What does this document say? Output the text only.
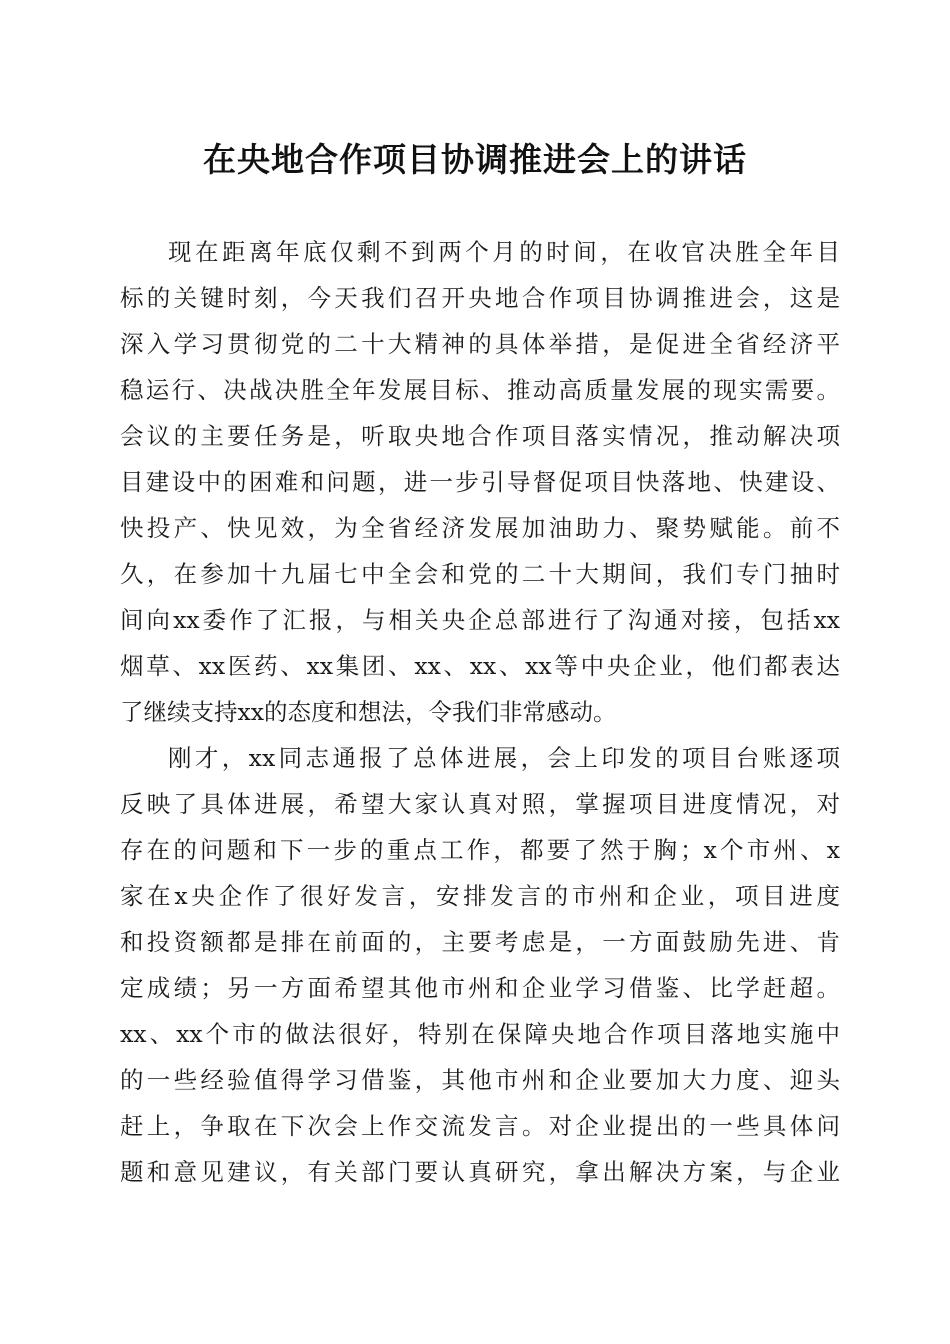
在央地合作项目协调推进会上的讲话
现在距离年底仅剩不到两个月的时间，在收官决胜全年目
标的关键时刻，今天我们召开央地合作项目协调推进会，这是
深入学习贯彻党的二十大精神的具体举措，是促进全省经济平
稳运行、决战决胜全年发展目标、推动高质量发展的现实需要。
会议的主要任务是，听取央地合作项目落实情况，推动解决项
目建设中的困难和问题，进一步引导督促项目快落地、快建设、
快投产、快见效，为全省经济发展加油助力、聚势赋能。前不
久，在参加十九届七中全会和党的二十大期间，我们专门抽时
间向xx委作了汇报，与相关央企总部进行了沟通对接，包括xx
烟草、xx医药、xx集团、xx、xx、xx等中央企业，他们都表达
了继续支持xx的态度和想法，令我们非常感动。
刚才，xx同志通报了总体进展，会上印发的项目台账逐项
反映了具体进展，希望大家认真对照，掌握项目进度情况，对
存在的问题和下一步的重点工作，都要了然于胸；x个市州、x
家在x央企作了很好发言，安排发言的市州和企业，项目进度
和投资额都是排在前面的，主要考虑是，一方面鼓励先进、肯
定成绩；另一方面希望其他市州和企业学习借鉴、比学赶超。
xx、xx个市的做法很好，特别在保障央地合作项目落地实施中
的一些经验值得学习借鉴，其他市州和企业要加大力度、迎头
赶上，争取在下次会上作交流发言。对企业提出的一些具体问
题和意见建议，有关部门要认真研究，拿出解决方案，与企业
